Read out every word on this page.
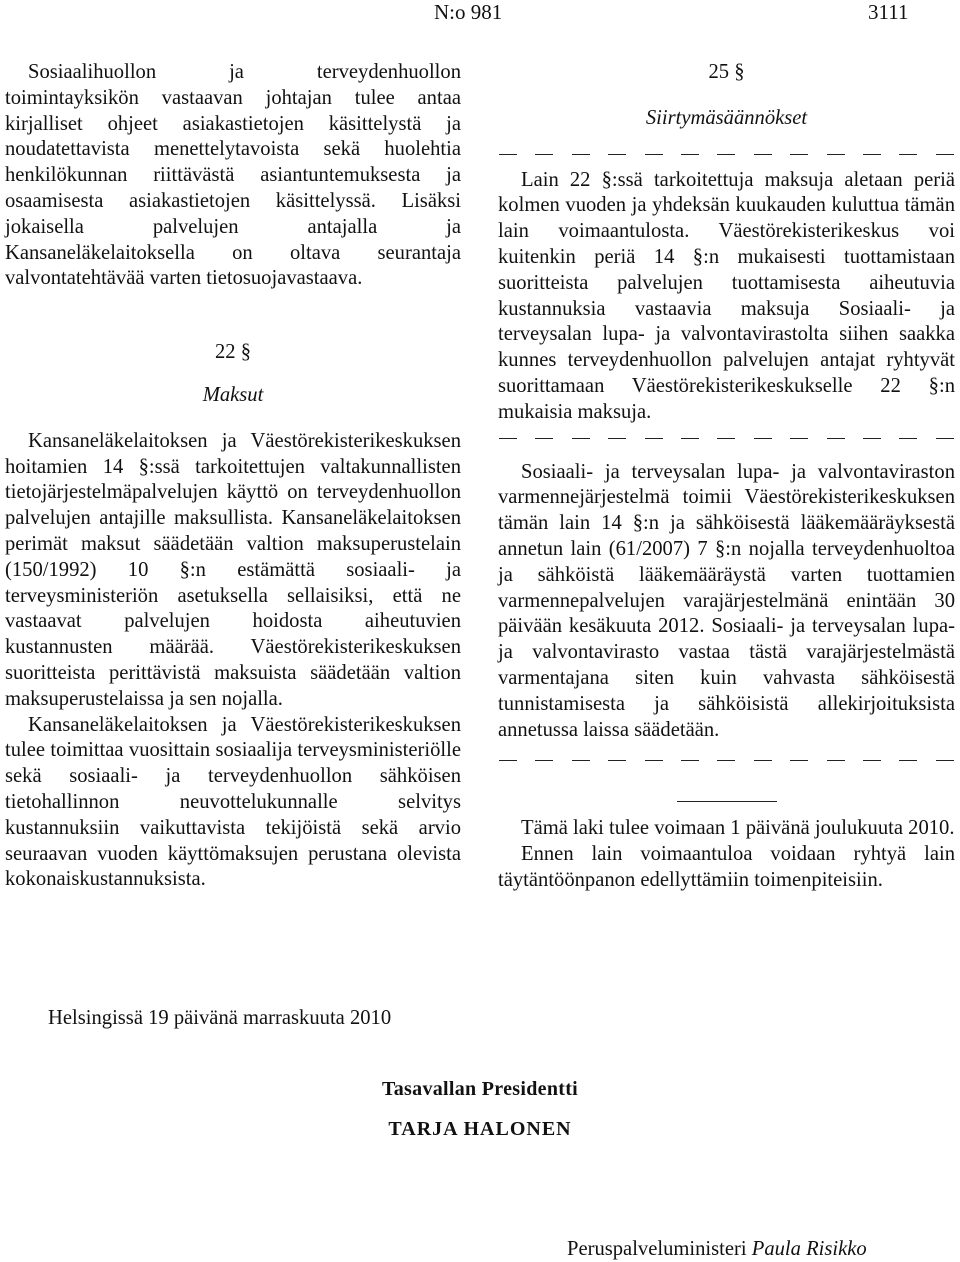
N:o 981	3111

Sosiaalihuollon ja terveydenhuollon toimintayksikön vastaavan johtajan tulee antaa kirjalliset ohjeet asiakastietojen käsittelystä ja noudatettavista menettelytavoista sekä huolehtia henkilökunnan riittävästä asiantuntemuksesta ja osaamisesta asiakastietojen käsittelyssä. Lisäksi jokaisella palvelujen antajalla ja Kansaneläkelaitoksella on oltava seurantaja valvontatehtävää varten tietosuojavastaava.

22 §
Maksut

Kansaneläkelaitoksen ja Väestörekisterikeskuksen hoitamien 14 §:ssä tarkoitettujen valtakunnallisten tietojärjestelmäpalvelujen käyttö on terveydenhuollon palvelujen antajille maksullista. Kansaneläkelaitoksen perimät maksut säädetään valtion maksuperustelain (150/1992) 10 §:n estämättä sosiaali- ja terveysministeriön asetuksella sellaisiksi, että ne vastaavat palvelujen hoidosta aiheutuvien kustannusten määrää. Väestörekisterikeskuksen suoritteista perittävistä maksuista säädetään valtion maksuperustelaissa ja sen nojalla.

Kansaneläkelaitoksen ja Väestörekisterikeskuksen tulee toimittaa vuosittain sosiaalija terveysministeriölle sekä sosiaali- ja terveydenhuollon sähköisen tietohallinnon neuvottelukunnalle selvitys kustannuksiin vaikuttavista tekijöistä sekä arvio seuraavan vuoden käyttömaksujen perustana olevista kokonaiskustannuksista.

25 §
Siirtymäsäännökset

Lain 22 §:ssä tarkoitettuja maksuja aletaan periä kolmen vuoden ja yhdeksän kuukauden kuluttua tämän lain voimaantulosta. Väestörekisterikeskus voi kuitenkin periä 14 §:n mukaisesti tuottamistaan suoritteista palvelujen tuottamisesta aiheutuvia kustannuksia vastaavia maksuja Sosiaali- ja terveysalan lupa- ja valvontavirastolta siihen saakka kunnes terveydenhuollon palvelujen antajat ryhtyvät suorittamaan Väestörekisterikeskukselle 22 §:n mukaisia maksuja.

Sosiaali- ja terveysalan lupa- ja valvontaviraston varmennejärjestelmä toimii Väestörekisterikeskuksen tämän lain 14 §:n ja sähköisestä lääkemääräyksestä annetun lain (61/2007) 7 §:n nojalla terveydenhuoltoa ja sähköistä lääkemääräystä varten tuottamien varmennepalvelujen varajärjestelmänä enintään 30 päivään kesäkuuta 2012. Sosiaali- ja terveysalan lupa- ja valvontavirasto vastaa tästä varajärjestelmästä varmentajana siten kuin vahvasta sähköisestä tunnistamisesta ja sähköisistä allekirjoituksista annetussa laissa säädetään.

Tämä laki tulee voimaan 1 päivänä joulukuuta 2010.

Ennen lain voimaantuloa voidaan ryhtyä lain täytäntöönpanon edellyttämiin toimenpiteisiin.

Helsingissä 19 päivänä marraskuuta 2010
Tasavallan Presidentti
TARJA HALONEN
Peruspalveluministeri Paula Risikko
